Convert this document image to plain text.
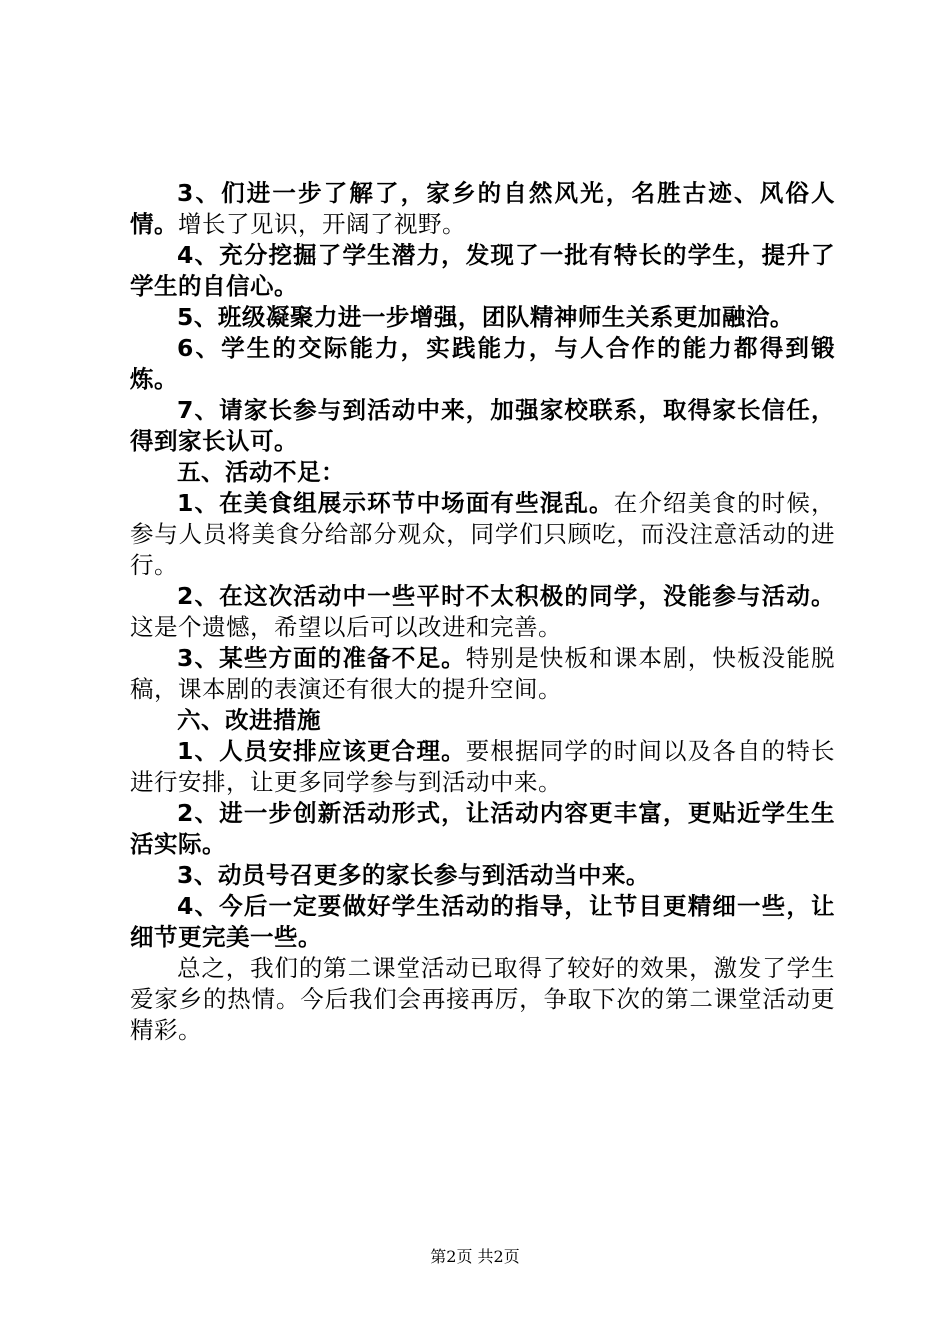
3、们进一步了解了，家乡的自然风光，名胜古迹、风俗人情。增长了见识，开阔了视野。

4、充分挖掘了学生潜力，发现了一批有特长的学生，提升了学生的自信心。

5、班级凝聚力进一步增强，团队精神师生关系更加融洽。

6、学生的交际能力，实践能力，与人合作的能力都得到锻炼。

7、请家长参与到活动中来，加强家校联系，取得家长信任，得到家长认可。

五、活动不足：

1、在美食组展示环节中场面有些混乱。在介绍美食的时候，参与人员将美食分给部分观众，同学们只顾吃，而没注意活动的进行。

2、在这次活动中一些平时不太积极的同学，没能参与活动。这是个遗憾，希望以后可以改进和完善。

3、某些方面的准备不足。特别是快板和课本剧，快板没能脱稿，课本剧的表演还有很大的提升空间。

六、改进措施

1、人员安排应该更合理。要根据同学的时间以及各自的特长进行安排，让更多同学参与到活动中来。

2、进一步创新活动形式，让活动内容更丰富，更贴近学生生活实际。

3、动员号召更多的家长参与到活动当中来。

4、今后一定要做好学生活动的指导，让节目更精细一些，让细节更完美一些。

总之，我们的第二课堂活动已取得了较好的效果，激发了学生爱家乡的热情。今后我们会再接再厉，争取下次的第二课堂活动更精彩。

第2页 共2页
